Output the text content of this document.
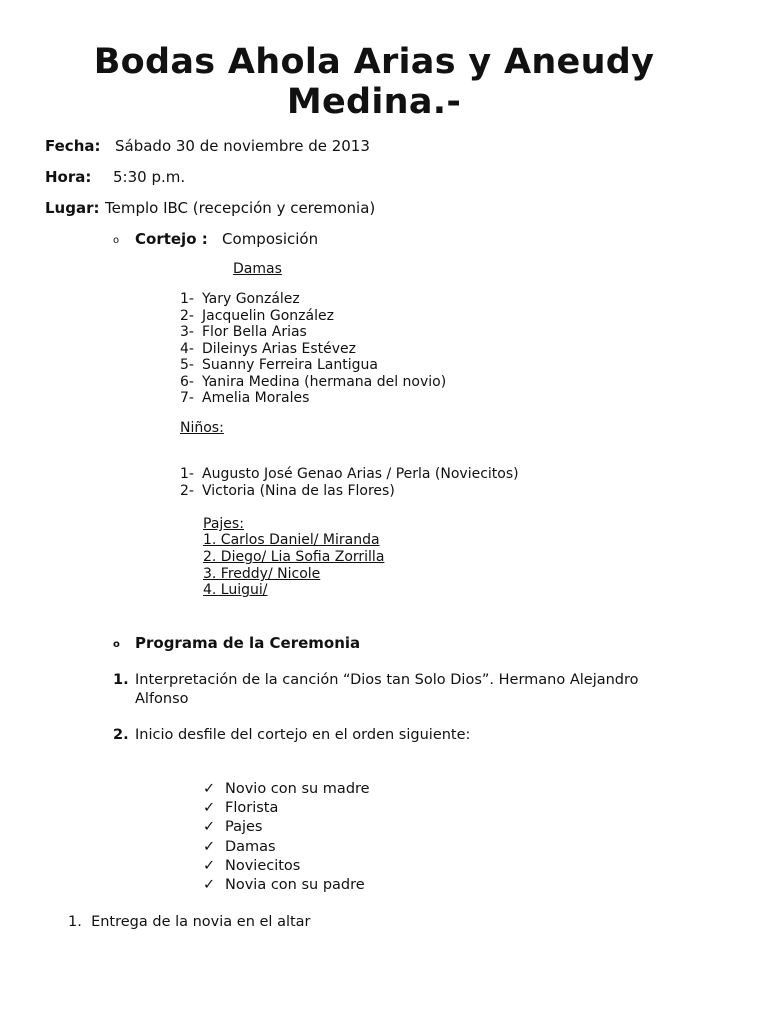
Bodas Ahola Arias y Aneudy Medina.-
Fecha: Sábado 30 de noviembre de 2013
Hora: 5:30 p.m.
Lugar: Templo IBC (recepción y ceremonia)
o Cortejo : Composición
Damas
1- Yary González
2- Jacquelin González
3- Flor Bella Arias
4- Dileinys Arias Estévez
5- Suanny Ferreira Lantigua
6- Yanira Medina (hermana del novio)
7- Amelia Morales
Niños:
1- Augusto José Genao Arias / Perla (Noviecitos)
2- Victoria (Nina de las Flores)
Pajes:
1. Carlos Daniel/ Miranda
2. Diego/ Lia Sofia Zorrilla
3. Freddy/ Nicole
4. Luigui/
o Programa de la Ceremonia
1. Interpretación de la canción “Dios tan Solo Dios”. Hermano Alejandro Alfonso
2. Inicio desfile del cortejo en el orden siguiente:
✓ Novio con su madre
✓ Florista
✓ Pajes
✓ Damas
✓ Noviecitos
✓ Novia con su padre
1. Entrega de la novia en el altar
